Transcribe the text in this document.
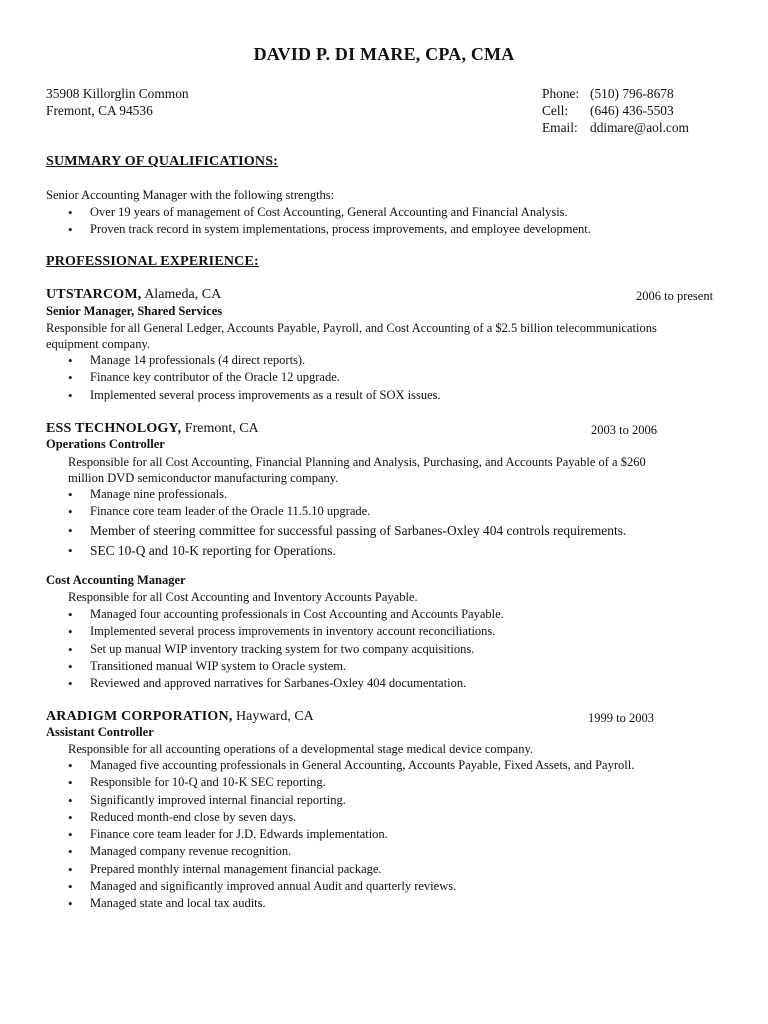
DAVID P. DI MARE, CPA, CMA
35908 Killorglin Common
Fremont, CA 94536
Phone: (510) 796-8678
Cell: (646) 436-5503
Email: ddimare@aol.com
SUMMARY OF QUALIFICATIONS:
Senior Accounting Manager with the following strengths:
• Over 19 years of management of Cost Accounting, General Accounting and Financial Analysis.
• Proven track record in system implementations, process improvements, and employee development.
PROFESSIONAL EXPERIENCE:
UTSTARCOM, Alameda, CA	2006 to present
Senior Manager, Shared Services
Responsible for all General Ledger, Accounts Payable, Payroll, and Cost Accounting of a $2.5 billion telecommunications
equipment company.
• Manage 14 professionals (4 direct reports).
• Finance key contributor of the Oracle 12 upgrade.
• Implemented several process improvements as a result of SOX issues.
ESS TECHNOLOGY, Fremont, CA	2003 to 2006
Operations Controller
Responsible for all Cost Accounting, Financial Planning and Analysis, Purchasing, and Accounts Payable of a $260
million DVD semiconductor manufacturing company.
• Manage nine professionals.
• Finance core team leader of the Oracle 11.5.10 upgrade.
• Member of steering committee for successful passing of Sarbanes-Oxley 404 controls requirements.
• SEC 10-Q and 10-K reporting for Operations.
Cost Accounting Manager
Responsible for all Cost Accounting and Inventory Accounts Payable.
• Managed four accounting professionals in Cost Accounting and Accounts Payable.
• Implemented several process improvements in inventory account reconciliations.
• Set up manual WIP inventory tracking system for two company acquisitions.
• Transitioned manual WIP system to Oracle system.
• Reviewed and approved narratives for Sarbanes-Oxley 404 documentation.
ARADIGM CORPORATION, Hayward, CA	1999 to 2003
Assistant Controller
Responsible for all accounting operations of a developmental stage medical device company.
• Managed five accounting professionals in General Accounting, Accounts Payable, Fixed Assets, and Payroll.
• Responsible for 10-Q and 10-K SEC reporting.
• Significantly improved internal financial reporting.
• Reduced month-end close by seven days.
• Finance core team leader for J.D. Edwards implementation.
• Managed company revenue recognition.
• Prepared monthly internal management financial package.
• Managed and significantly improved annual Audit and quarterly reviews.
• Managed state and local tax audits.
